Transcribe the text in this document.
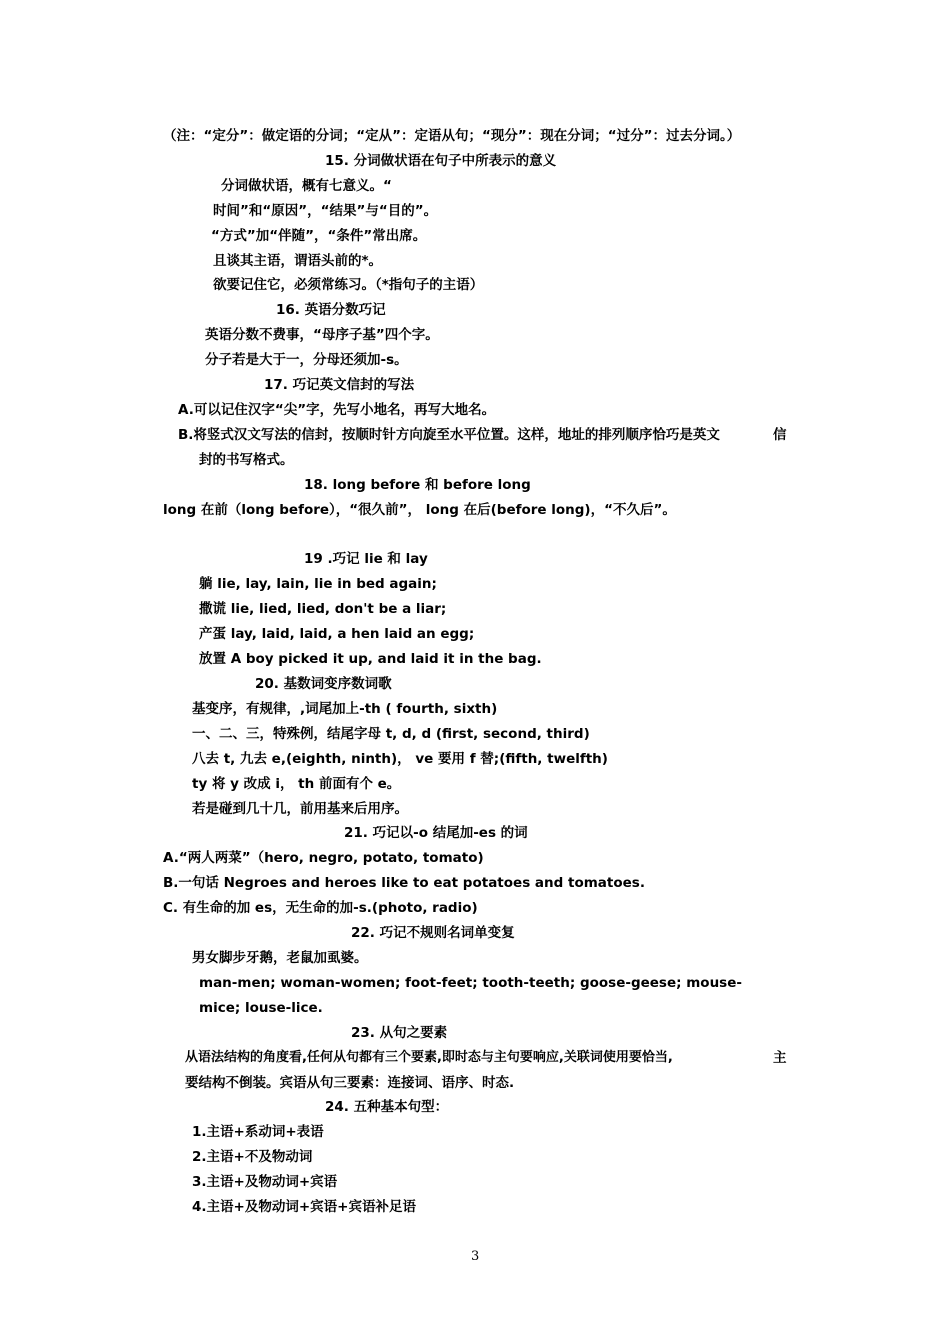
（注：“定分”：做定语的分词；“定从”：定语从句；“现分”：现在分词；“过分”：过去分词。）
15. 分词做状语在句子中所表示的意义
分词做状语，概有七意义。“
时间”和“原因”，“结果”与“目的”。
“方式”加“伴随”，“条件”常出席。
且谈其主语，谓语头前的*。
欲要记住它，必须常练习。（*指句子的主语）
16. 英语分数巧记
英语分数不费事，“母序子基”四个字。
分子若是大于一，分母还须加-s。
17. 巧记英文信封的写法
A.可以记住汉字“尖”字，先写小地名，再写大地名。
B.将竖式汉文写法的信封，按顺时针方向旋至水平位置。这样，地址的排列顺序恰巧是英文	信
封的书写格式。
18. long before 和 before long
long 在前（long before），“很久前”， long 在后(before long)，“不久后”。
19 .巧记 lie 和 lay
躺 lie, lay, lain, lie in bed again;
撒谎 lie, lied, lied, don't be a liar;
产蛋 lay, laid, laid, a hen laid an egg;
放置 A boy picked it up, and laid it in the bag.
20. 基数词变序数词歌
基变序，有规律，,词尾加上-th ( fourth, sixth)
一、二、三，特殊例，结尾字母 t, d, d (first, second, third)
八去 t, 九去 e,(eighth, ninth)， ve 要用 f 替;(fifth, twelfth)
ty 将 y 改成 i， th 前面有个 e。
若是碰到几十几，前用基来后用序。
21. 巧记以-o 结尾加-es 的词
A.“两人两菜”（hero, negro, potato, tomato)
B.一句话 Negroes and heroes like to eat potatoes and tomatoes.
C. 有生命的加 es，无生命的加-s.(photo, radio)
22. 巧记不规则名词单变复
男女脚步牙鹅，老鼠加虱婆。
man-men; woman-women; foot-feet; tooth-teeth; goose-geese; mouse-
mice; louse-lice.
23. 从句之要素
从语法结构的角度看,任何从句都有三个要素,即时态与主句要响应,关联词使用要恰当,	主
要结构不倒装。宾语从句三要素：连接词、语序、时态.
24. 五种基本句型：
1.主语+系动词+表语
2.主语+不及物动词
3.主语+及物动词+宾语
4.主语+及物动词+宾语+宾语补足语
3
